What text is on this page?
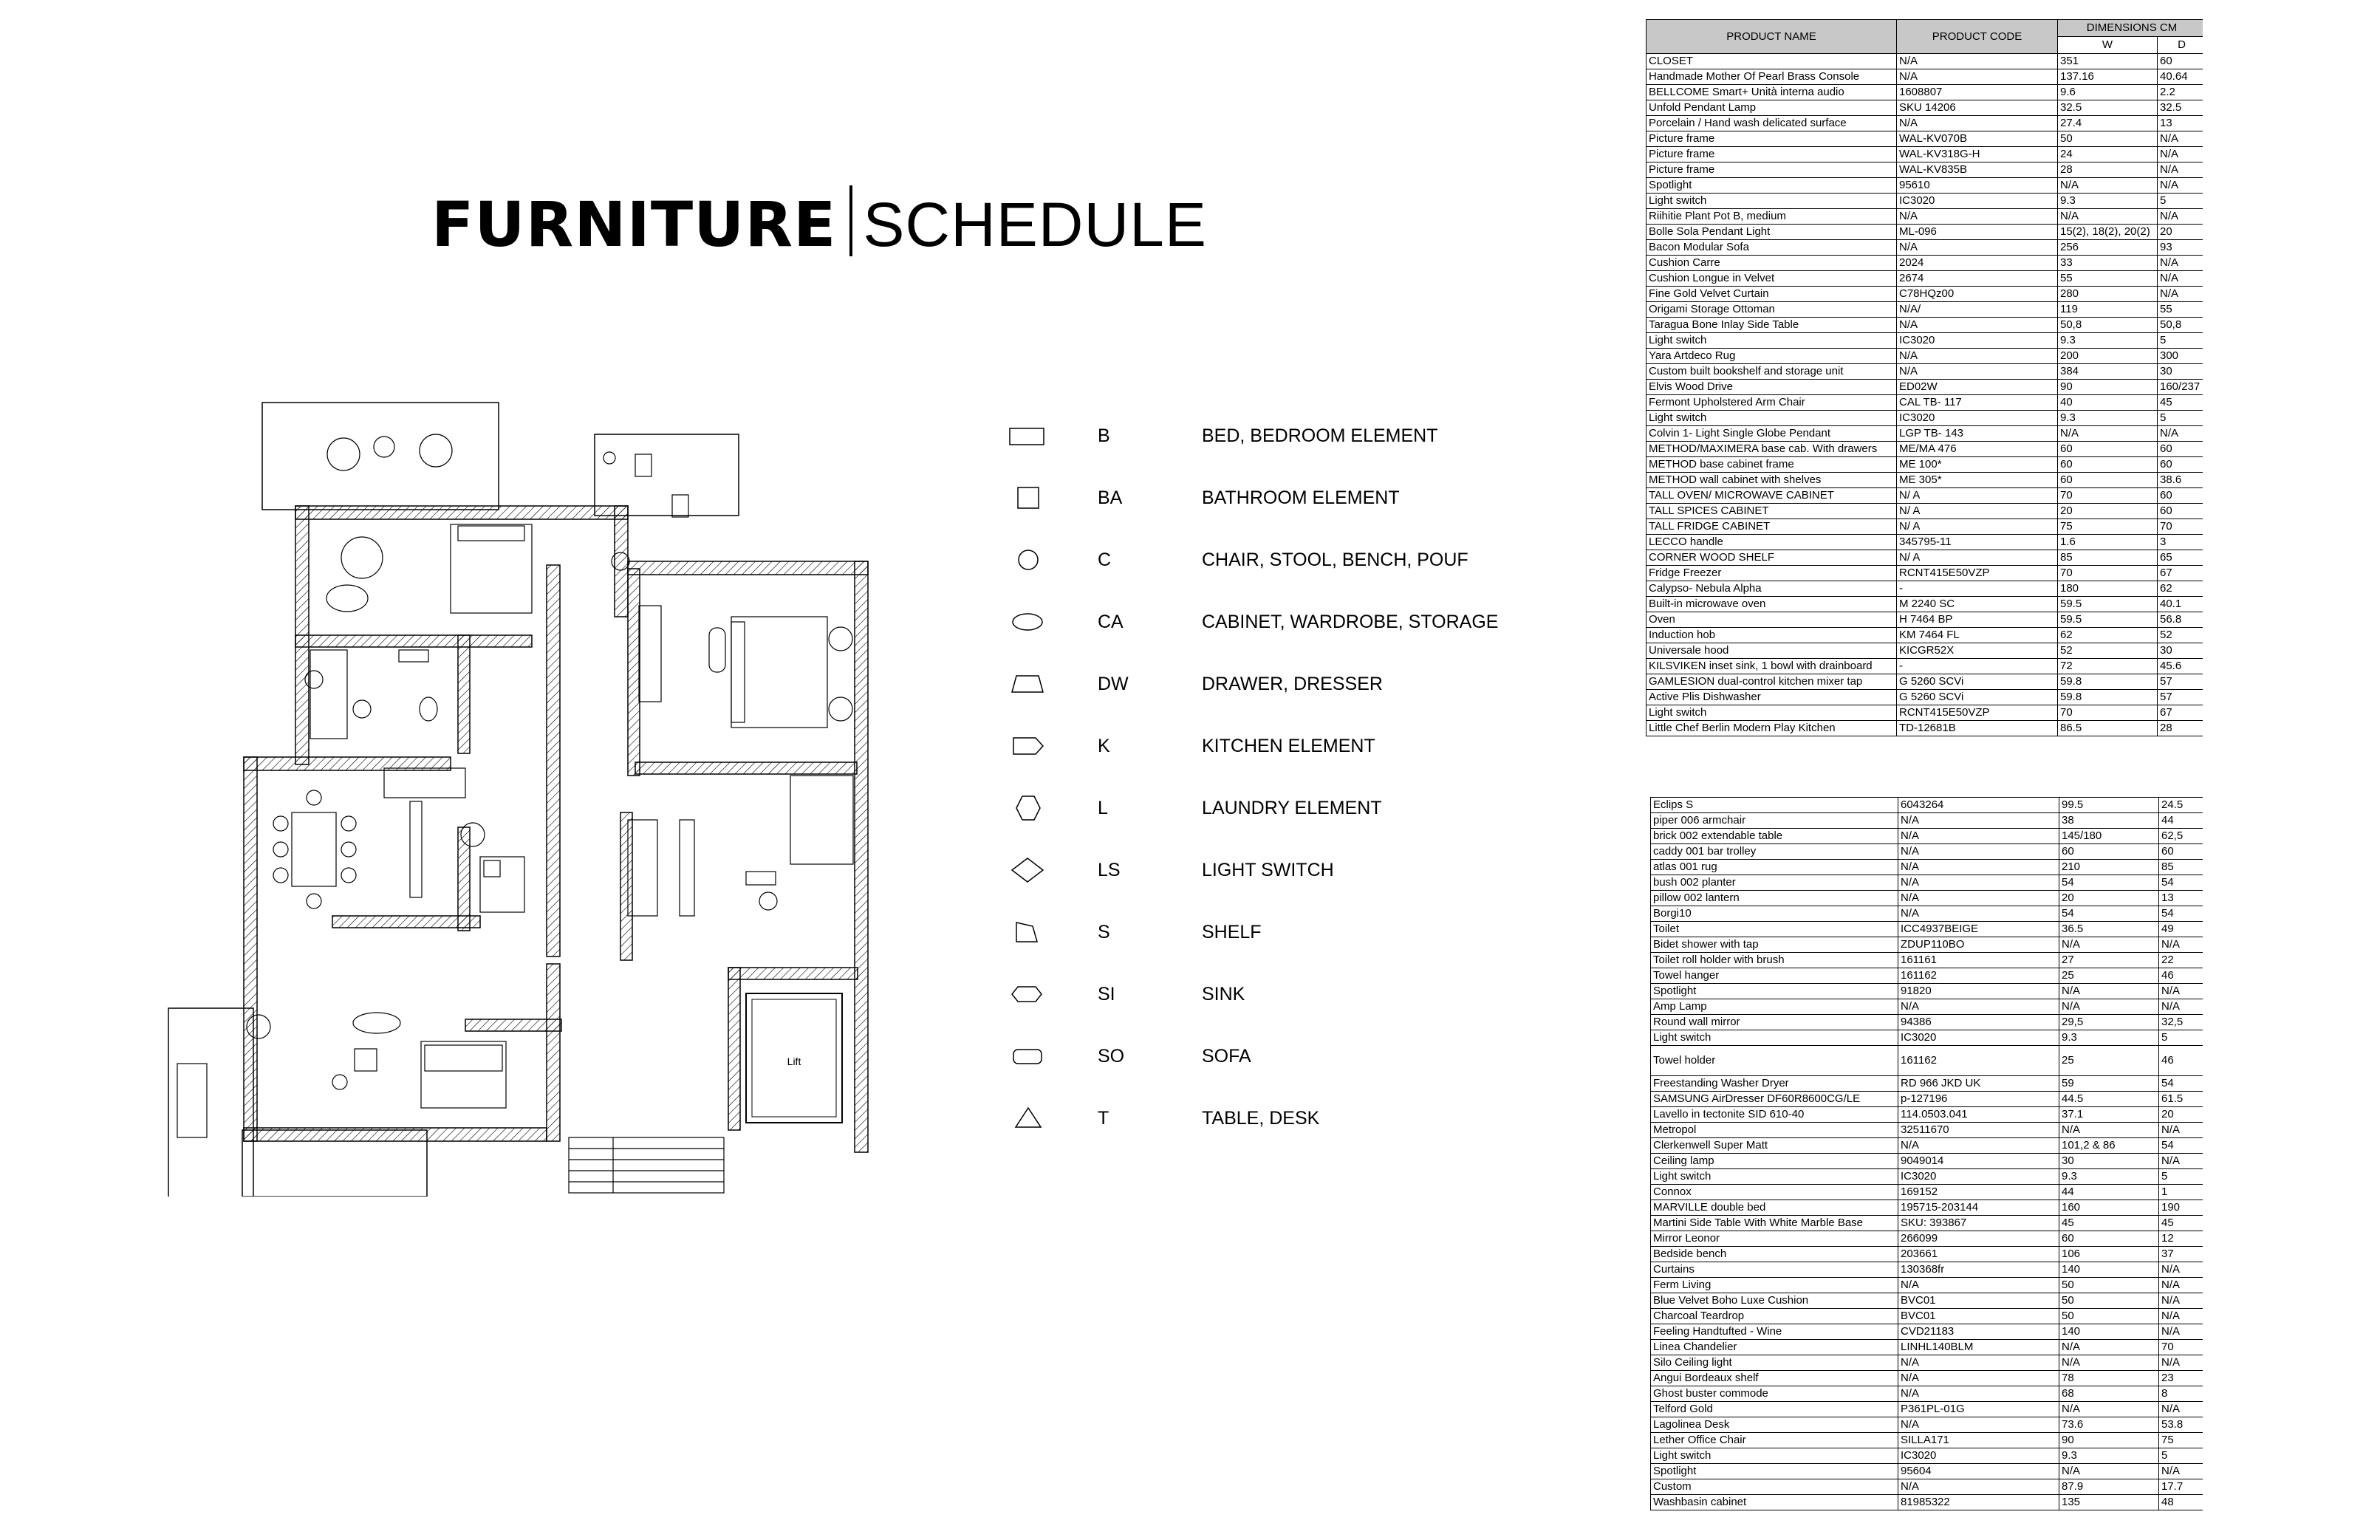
FURNITURE SCHEDULE
Lift
B	BED, BEDROOM ELEMENT
BA	BATHROOM ELEMENT
C	CHAIR, STOOL, BENCH, POUF
CA	CABINET, WARDROBE, STORAGE
DW	DRAWER, DRESSER
K	KITCHEN ELEMENT
L	LAUNDRY ELEMENT
LS	LIGHT SWITCH
S	SHELF
SI	SINK
SO	SOFA
T	TABLE, DESK
PRODUCT NAME	PRODUCT CODE	DIMENSIONS CM	
		W	D
CLOSET	N/A	351	60
Handmade Mother Of Pearl Brass Console	N/A	137.16	40.64
BELLCOME Smart+ Unità interna audio	1608807	9.6	2.2
Unfold Pendant Lamp	SKU 14206	32.5	32.5
Porcelain / Hand wash delicated surface	N/A	27.4	13
Picture frame	WAL-KV070B	50	N/A
Picture frame	WAL-KV318G-H	24	N/A
Picture frame	WAL-KV835B	28	N/A
Spotlight	95610	N/A	N/A
Light switch	IC3020	9.3	5
Riihitie Plant Pot B, medium	N/A	N/A	N/A
Bolle Sola Pendant Light	ML-096	15(2), 18(2), 20(2)	20
Bacon Modular Sofa	N/A	256	93
Cushion Carre	2024	33	N/A
Cushion Longue in Velvet	2674	55	N/A
Fine Gold Velvet Curtain	C78HQz00	280	N/A
Origami Storage Ottoman	N/A/	119	55
Taragua Bone Inlay Side Table	N/A	50,8	50,8
Light switch	IC3020	9.3	5
Yara Artdeco Rug	N/A	200	300
Custom built bookshelf and storage unit	N/A	384	30
Elvis Wood Drive	ED02W	90	160/237
Fermont Upholstered Arm Chair	CAL TB- 117	40	45
Light switch	IC3020	9.3	5
Colvin 1- Light Single Globe Pendant	LGP TB- 143	N/A	N/A
METHOD/MAXIMERA base cab. With drawers	ME/MA 476	60	60
METHOD base cabinet frame	ME 100*	60	60
METHOD wall cabinet with shelves	ME 305*	60	38.6
TALL OVEN/ MICROWAVE CABINET	N/ A	70	60
TALL SPICES CABINET	N/ A	20	60
TALL FRIDGE CABINET	N/ A	75	70
LECCO handle	345795-11	1.6	3
CORNER WOOD SHELF	N/ A	85	65
Fridge Freezer	RCNT415E50VZP	70	67
Calypso- Nebula Alpha	-	180	62
Built-in microwave oven	M 2240 SC	59.5	40.1
Oven	H 7464 BP	59.5	56.8
Induction hob	KM 7464 FL	62	52
Universale hood	KICGR52X	52	30
KILSVIKEN inset sink, 1 bowl with drainboard	-	72	45.6
GAMLESION dual-control kitchen mixer tap	G 5260 SCVi	59.8	57
Active Plis Dishwasher	G 5260 SCVi	59.8	57
Light switch	RCNT415E50VZP	70	67
Little Chef Berlin Modern Play Kitchen	TD-12681B	86.5	28
Eclips S	6043264	99.5	24.5
piper 006 armchair	N/A	38	44
brick 002 extendable table	N/A	145/180	62,5
caddy 001 bar trolley	N/A	60	60
atlas 001 rug	N/A	210	85
bush 002 planter	N/A	54	54
pillow 002 lantern	N/A	20	13
Borgi10	N/A	54	54
Toilet	ICC4937BEIGE	36.5	49
Bidet shower with tap	ZDUP110BO	N/A	N/A
Toilet roll holder with brush	161161	27	22
Towel hanger	161162	25	46
Spotlight	91820	N/A	N/A
Amp Lamp	N/A	N/A	N/A
Round wall mirror	94386	29,5	32,5
Light switch	IC3020	9.3	5
Towel holder	161162	25	46
Freestanding Washer Dryer	RD 966 JKD UK	59	54
SAMSUNG AirDresser DF60R8600CG/LE	p-127196	44.5	61.5
Lavello in tectonite SID 610-40	114.0503.041	37.1	20
Metropol	32511670	N/A	N/A
Clerkenwell Super Matt	N/A	101,2 & 86	54
Ceiling lamp	9049014	30	N/A
Light switch	IC3020	9.3	5
Connox	169152	44	1
MARVILLE double bed	195715-203144	160	190
Martini Side Table With White Marble Base	SKU: 393867	45	45
Mirror Leonor	266099	60	12
Bedside bench	203661	106	37
Curtains	130368fr	140	N/A
Ferm Living	N/A	50	N/A
Blue Velvet Boho Luxe Cushion	BVC01	50	N/A
Charcoal Teardrop	BVC01	50	N/A
Feeling Handtufted - Wine	CVD21183	140	N/A
Linea Chandelier	LINHL140BLM	N/A	70
Silo Ceiling light	N/A	N/A	N/A
Angui Bordeaux shelf	N/A	78	23
Ghost buster commode	N/A	68	8
Telford Gold	P361PL-01G	N/A	N/A
Lagolinea Desk	N/A	73.6	53.8
Lether Office Chair	SILLA171	90	75
Light switch	IC3020	9.3	5
Spotlight	95604	N/A	N/A
Custom	N/A	87.9	17.7
Washbasin cabinet	81985322	135	48
